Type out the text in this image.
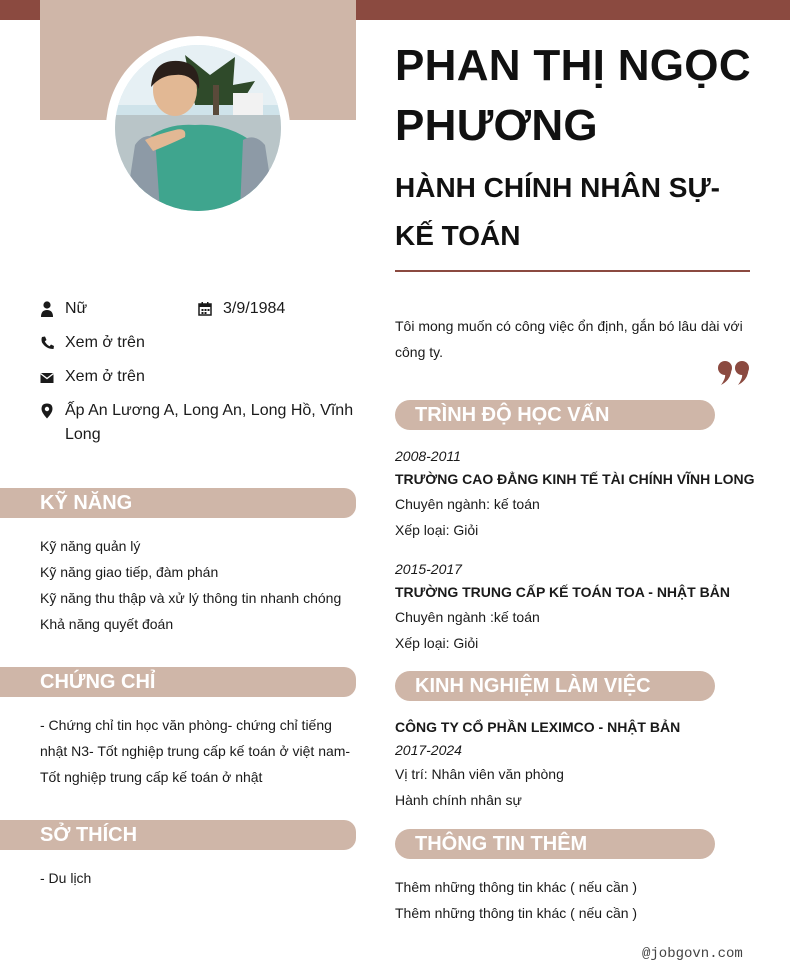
PHAN THỊ NGỌC PHƯƠNG
HÀNH CHÍNH NHÂN SỰ- KẾ TOÁN
Nữ	3/9/1984
Xem ở trên
Xem ở trên
Ấp An Lương A, Long An, Long Hồ, Vĩnh Long
KỸ NĂNG
Kỹ năng quản lý
Kỹ năng giao tiếp, đàm phán
Kỹ năng thu thập và xử lý thông tin nhanh chóng
Khả năng quyết đoán
CHỨNG CHỈ
- Chứng chỉ tin học văn phòng- chứng chỉ tiếng nhật N3- Tốt nghiệp trung cấp kế toán ở việt nam- Tốt nghiệp trung cấp kế toán ở nhật
SỞ THÍCH
- Du lịch
Tôi mong muốn có công việc ổn định, gắn bó lâu dài với công ty.
TRÌNH ĐỘ HỌC VẤN
2008-2011
TRƯỜNG CAO ĐẲNG KINH TẾ TÀI CHÍNH VĨNH LONG
Chuyên ngành: kế toán
Xếp loại: Giỏi
2015-2017
TRƯỜNG TRUNG CẤP KẾ TOÁN TOA - NHẬT BẢN
Chuyên ngành :kế toán
Xếp loại: Giỏi
KINH NGHIỆM LÀM VIỆC
CÔNG TY CỔ PHẦN LEXIMCO - NHẬT BẢN
2017-2024
Vị trí: Nhân viên văn phòng
Hành chính nhân sự
THÔNG TIN THÊM
Thêm những thông tin khác ( nếu cần )
Thêm những thông tin khác ( nếu cần )
@jobgovn.com
